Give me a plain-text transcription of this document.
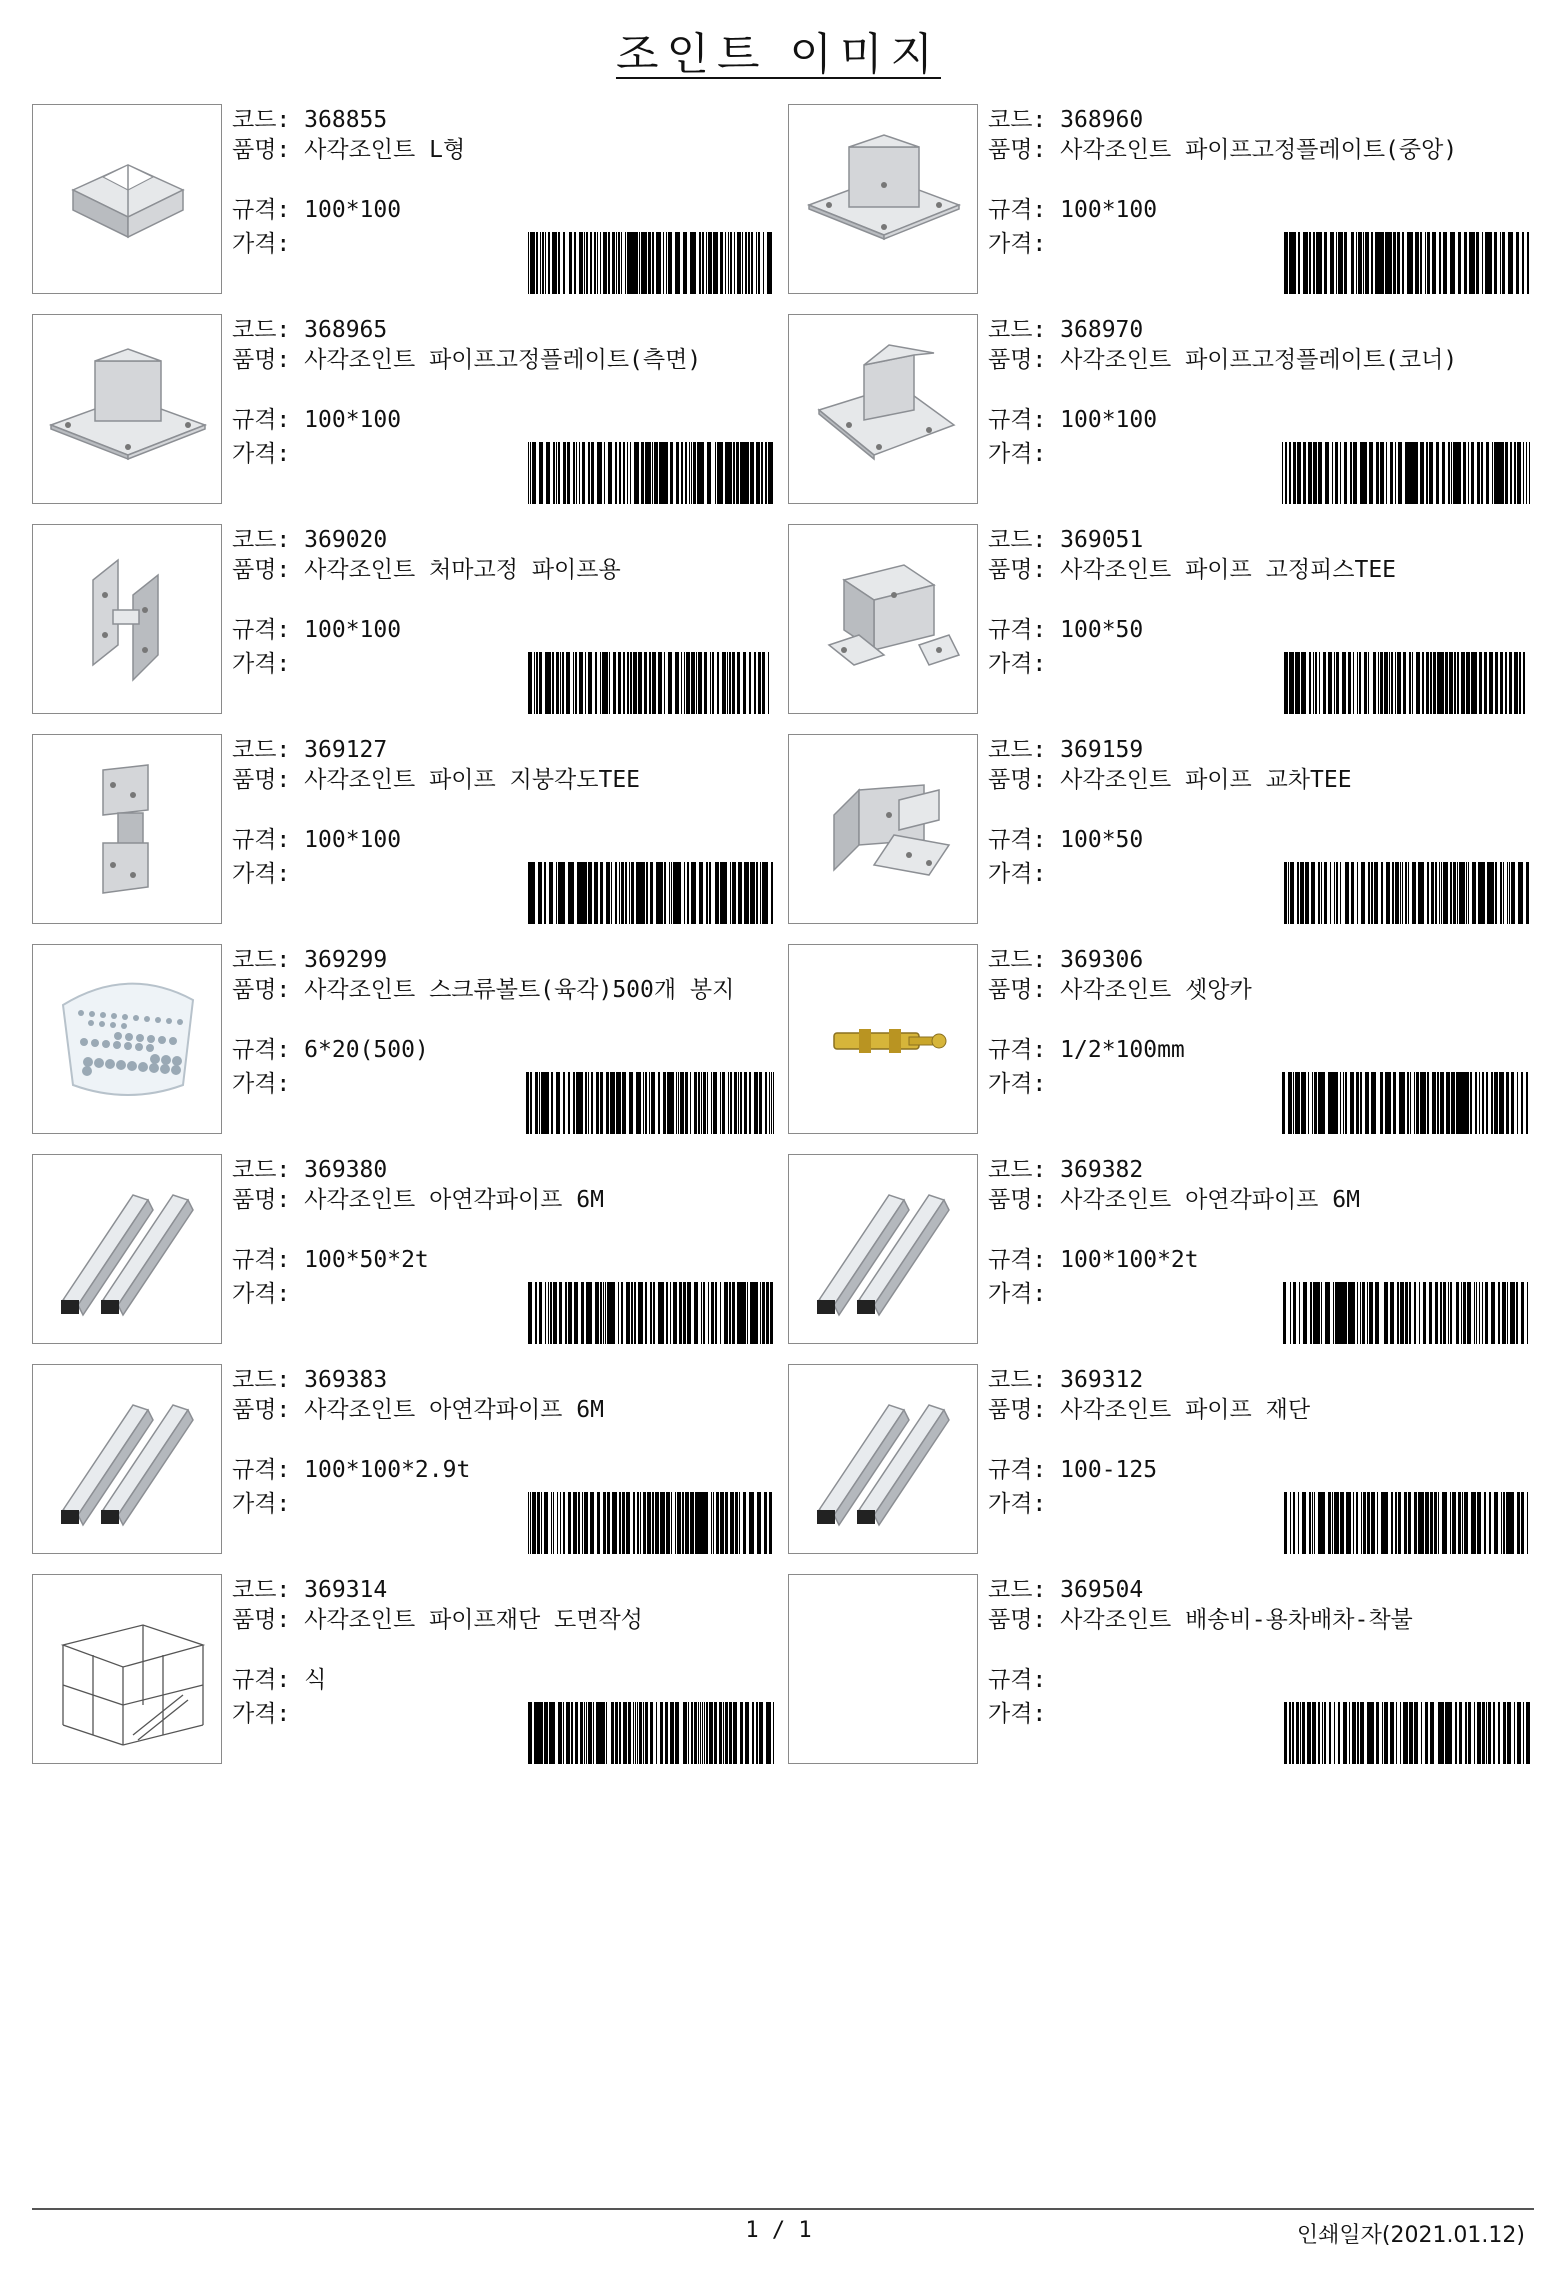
조인트 이미지
코드: 368855
품명: 사각조인트 L형
규격: 100*100
가격:
코드: 368960
품명: 사각조인트 파이프고정플레이트(중앙)
규격: 100*100
가격:
코드: 368965
품명: 사각조인트 파이프고정플레이트(측면)
규격: 100*100
가격:
코드: 368970
품명: 사각조인트 파이프고정플레이트(코너)
규격: 100*100
가격:
코드: 369020
품명: 사각조인트 처마고정 파이프용
규격: 100*100
가격:
코드: 369051
품명: 사각조인트 파이프 고정피스TEE
규격: 100*50
가격:
코드: 369127
품명: 사각조인트 파이프 지붕각도TEE
규격: 100*100
가격:
코드: 369159
품명: 사각조인트 파이프 교차TEE
규격: 100*50
가격:
코드: 369299
품명: 사각조인트 스크류볼트(육각)500개 봉지
규격: 6*20(500)
가격:
코드: 369306
품명: 사각조인트 셋앙카
규격: 1/2*100mm
가격:
코드: 369380
품명: 사각조인트 아연각파이프 6M
규격: 100*50*2t
가격:
코드: 369382
품명: 사각조인트 아연각파이프 6M
규격: 100*100*2t
가격:
코드: 369383
품명: 사각조인트 아연각파이프 6M
규격: 100*100*2.9t
가격:
코드: 369312
품명: 사각조인트 파이프 재단
규격: 100-125
가격:
코드: 369314
품명: 사각조인트 파이프재단 도면작성
규격: 식
가격:
코드: 369504
품명: 사각조인트 배송비-용차배차-착불
규격:
가격:
1 / 1	인쇄일자(2021.01.12)
